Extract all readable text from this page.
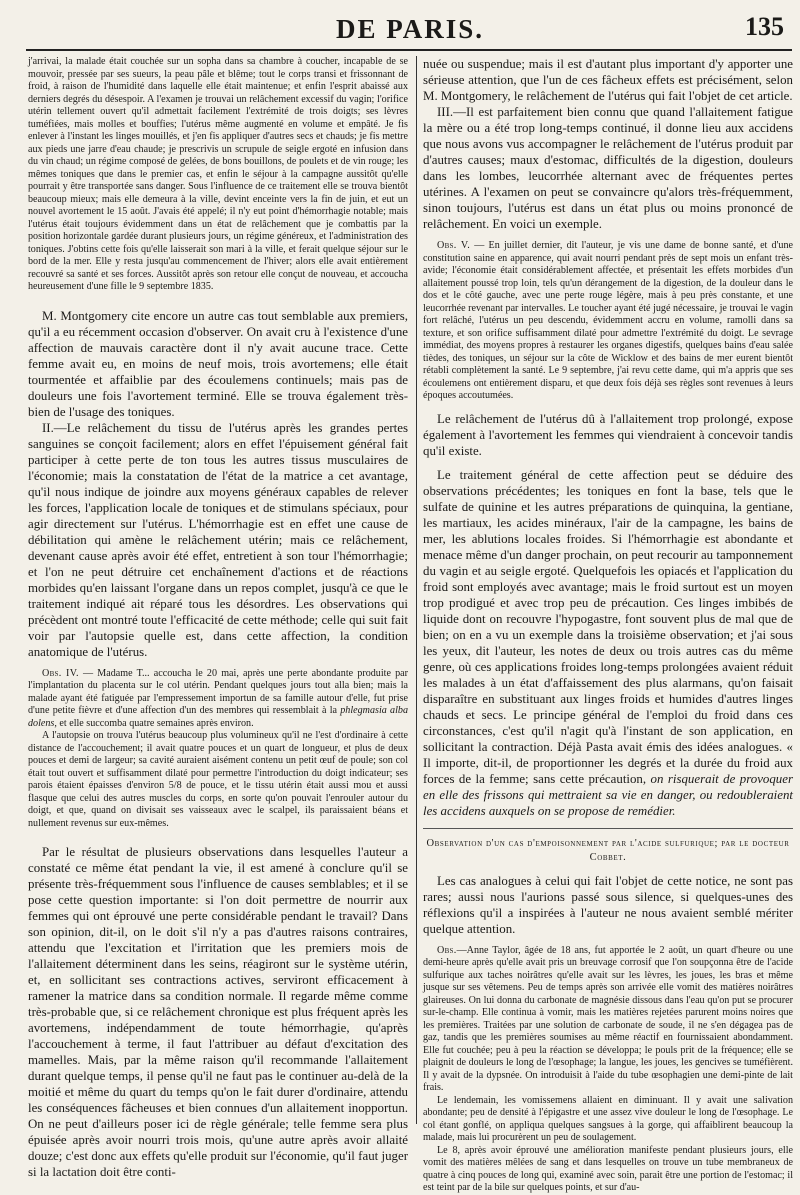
DE PARIS.	135

j'arrivai, la malade était couchée sur un sopha dans sa chambre à coucher, incapable de se mouvoir, pressée par ses sueurs, la peau pâle et blême; tout le corps transi et frissonnant de froid, à raison de l'humidité dans laquelle elle était maintenue; et enfin l'esprit abaissé aux derniers degrés du désespoir. A l'examen je trouvai un relâchement excessif du vagin; l'orifice utérin tellement ouvert qu'il admettait facilement l'extrémité de trois doigts; ses lèvres tuméfiées, mais molles et bouffies; l'utérus même augmenté en volume et empâté. Je fis enlever à l'instant les linges mouillés, et j'en fis appliquer d'autres secs et chauds; je fis mettre aux pieds une jarre d'eau chaude; je prescrivis un scrupule de seigle ergoté en infusion dans du vin chaud; un régime composé de gelées, de bons bouillons, de poulets et de vin rouge; les mêmes toniques que dans le premier cas, et enfin le séjour à la campagne aussitôt qu'elle pourrait y être transportée sans danger. Sous l'influence de ce traitement elle se trouva bientôt beaucoup mieux; mais elle demeura à la ville, devint enceinte vers la fin de juin, et eut un nouvel avortement le 15 août. J'avais été appelé; il n'y eut point d'hémorrhagie notable; mais l'utérus était toujours évidemment dans un état de relâchement que je combattis par la position horizontale gardée durant plusieurs jours, un régime généreux, et l'administration des toniques. J'obtins cette fois qu'elle laisserait son mari à la ville, et ferait quelque séjour sur le bord de la mer. Elle y resta jusqu'au commencement de l'hiver; alors elle avait entièrement recouvré sa santé et ses forces. Aussitôt après son retour elle conçut de nouveau, et accoucha heureusement d'une fille le 9 septembre 1835.

M. Montgomery cite encore un autre cas tout semblable aux premiers, qu'il a eu récemment occasion d'observer. On avait cru à l'existence d'une affection de mauvais caractère dont il n'y avait aucune trace. Cette femme avait eu, en moins de neuf mois, trois avortemens; elle était tourmentée et affaiblie par des écoulemens continuels; mais pas de douleurs une fois l'avortement terminé. Elle se trouva également très-bien de l'usage des toniques.

II.—Le relâchement du tissu de l'utérus après les grandes pertes sanguines se conçoit facilement; alors en effet l'épuisement général fait participer à cette perte de ton tous les autres tissus musculaires de l'économie; mais la constatation de l'état de la matrice a cet avantage, qu'il nous indique de joindre aux moyens généraux capables de relever les forces, l'application locale de toniques et de stimulans spéciaux, pour agir directement sur l'utérus. L'hémorrhagie est en effet une cause de débilitation qui amène le relâchement utérin; mais ce relâchement, devenant cause après avoir été effet, entretient à son tour l'hémorrhagie; et l'on ne peut détruire cet enchaînement d'actions et de réactions morbides qu'en laissant l'organe dans un repos complet, jusqu'à ce que le traitement indiqué ait réparé tous les désordres. Les observations qui précèdent ont montré toute l'efficacité de cette méthode; celle qui suit fait voir par l'autopsie quelle est, dans cette affection, la condition anatomique de l'utérus.

Obs. IV. — Madame T... accoucha le 20 mai, après une perte abondante produite par l'implantation du placenta sur le col utérin. Pendant quelques jours tout alla bien; mais la malade ayant été fatiguée par l'empressement importun de sa famille autour d'elle, fut prise d'une petite fièvre et d'une affection d'un des membres qui ressemblait à la phlegmasia alba dolens, et elle succomba quatre semaines après environ.

A l'autopsie on trouva l'utérus beaucoup plus volumineux qu'il ne l'est d'ordinaire à cette distance de l'accouchement; il avait quatre pouces et un quart de longueur, et plus de deux pouces et demi de largeur; sa cavité auraient aisément contenu un petit œuf de poule; son col était tout ouvert et suffisamment dilaté pour permettre l'introduction du doigt indicateur; ses parois étaient épaisses d'environ 5/8 de pouce, et le tissu utérin était aussi mou et aussi flasque que celui des autres muscles du corps, en sorte qu'on pouvait l'enrouler autour du doigt, et que, quand on divisait ses vaisseaux avec le scalpel, ils paraissaient béans et nullement revenus sur eux-mêmes.

Par le résultat de plusieurs observations dans lesquelles l'auteur a constaté ce même état pendant la vie, il est amené à conclure qu'il se présente très-fréquemment sous l'influence de causes semblables; et il se pose cette question importante: si l'on doit permettre de nourrir aux femmes qui ont éprouvé une perte considérable pendant le travail? Dans son opinion, dit-il, on le doit s'il n'y a pas d'autres raisons contraires, attendu que l'excitation et l'irritation que les premiers mois de l'allaitement déterminent dans les seins, réagiront sur le système utérin, et, en sollicitant ses contractions actives, serviront efficacement à ramener la matrice dans sa condition normale. Il regarde même comme très-probable que, si ce relâchement chronique est plus fréquent après les avortemens, indépendamment de toute hémorrhagie, qu'après l'accouchement à terme, il faut l'attribuer au défaut d'excitation des mamelles. Mais, par la même raison qu'il recommande l'allaitement durant quelque temps, il pense qu'il ne faut pas le continuer au-delà de la moitié et même du quart du temps qu'on le fait durer d'ordinaire, attendu les conséquences fâcheuses et bien connues d'un allaitement inopportun. On ne peut d'ailleurs poser ici de règle générale; telle femme sera plus épuisée après avoir nourri trois mois, qu'une autre après avoir allaité douze; c'est donc aux effets qu'elle produit sur l'économie, qu'il faut juger si la lactation doit être conti-

nuée ou suspendue; mais il est d'autant plus important d'y apporter une sérieuse attention, que l'un de ces fâcheux effets est précisément, selon M. Montgomery, le relâchement de l'utérus qui fait l'objet de cet article.

III.—Il est parfaitement bien connu que quand l'allaitement fatigue la mère ou a été trop long-temps continué, il donne lieu aux accidens que nous avons vus accompagner le relâchement de l'utérus produit par d'autres causes; maux d'estomac, difficultés de la digestion, douleurs dans les lombes, leucorrhée alternant avec de fréquentes pertes utérines. A l'examen on peut se convaincre qu'alors très-fréquemment, sinon toujours, l'utérus est dans un état plus ou moins prononcé de relâchement. En voici un exemple.

Obs. V. — En juillet dernier, dit l'auteur, je vis une dame de bonne santé, et d'une constitution saine en apparence, qui avait nourri pendant près de sept mois un enfant très-avide; l'économie était considérablement affectée, et présentait les effets morbides d'un allaitement poussé trop loin, tels qu'un dérangement de la digestion, de la douleur dans le dos et le côté gauche, avec une perte rouge légère, mais à peu près constante, et une leucorrhée revenant par intervalles. Le toucher ayant été jugé nécessaire, je trouvai le vagin fort relâché, l'utérus un peu descendu, évidemment accru en volume, ramolli dans sa texture, et son orifice suffisamment dilaté pour admettre l'extrémité du doigt. Le sevrage immédiat, des moyens propres à restaurer les organes digestifs, quelques bains d'eau salée tièdes, des toniques, un séjour sur la côte de Wicklow et des bains de mer eurent bientôt rétabli complètement la santé. Le 9 septembre, j'ai revu cette dame, qui m'a appris que ses écoulemens ont entièrement disparu, et que deux fois déjà ses règles sont revenues à leurs époques accoutumées.

Le relâchement de l'utérus dû à l'allaitement trop prolongé, expose également à l'avortement les femmes qui viendraient à concevoir tandis qu'il existe.

Le traitement général de cette affection peut se déduire des observations précédentes; les toniques en font la base, tels que le sulfate de quinine et les autres préparations de quinquina, la gentiane, les martiaux, les acides minéraux, l'air de la campagne, les bains de mer, les ablutions locales froides. Si l'hémorrhagie est abondante et menace même d'un danger prochain, on peut recourir au tamponnement du vagin et au seigle ergoté. Quelquefois les opiacés et l'application du froid sont employés avec avantage; mais le froid surtout est un moyen trop prodigué et avec trop peu de précaution. Ces linges imbibés de liquide dont on recouvre l'hypogastre, font souvent plus de mal que de bien; on en a vu un exemple dans la troisième observation; et j'ai sous les yeux, dit l'auteur, les notes de deux ou trois autres cas du même genre, où ces applications froides long-temps prolongées avaient réduit les malades à un état d'affaissement des plus alarmans, qu'on faisait disparaître en substituant aux linges froids et humides d'autres linges chauds et secs. Le principe général de l'emploi du froid dans ces circonstances, c'est qu'il n'agit qu'à l'instant de son application, en sollicitant la contraction. Déjà Pasta avait émis des idées analogues. « Il importe, dit-il, de proportionner les degrés et la durée du froid aux forces de la femme; sans cette précaution, on risquerait de provoquer en elle des frissons qui mettraient sa vie en danger, ou redoubleraient les accidens auxquels on se propose de remédier.

Observation d'un cas d'empoisonnement par l'acide sulfurique; par le docteur Cobbet.

Les cas analogues à celui qui fait l'objet de cette notice, ne sont pas rares; aussi nous l'aurions passé sous silence, si quelques-unes des réflexions qu'il a inspirées à l'auteur ne nous avaient semblé mériter quelque attention.

Obs.—Anne Taylor, âgée de 18 ans, fut apportée le 2 août, un quart d'heure ou une demi-heure après qu'elle avait pris un breuvage corrosif que l'on soupçonna être de l'acide sulfurique aux taches noirâtres qu'elle avait sur les lèvres, les joues, les bras et même jusque sur ses vêtemens. Peu de temps après son arrivée elle vomit des matières noirâtres glaireuses. On lui donna du carbonate de magnésie dissous dans l'eau qu'on put se procurer sur-le-champ. Elle continua à vomir, mais les matières rejetées parurent moins noires que les premières. Traitées par une solution de carbonate de soude, il ne s'en dégagea pas de gaz, tandis que les premières soumises au même réactif en fournissaient abondamment. Elle fut couchée; peu à peu la réaction se développa; le pouls prit de la fréquence; elle se plaignit de douleurs le long de l'œsophage; la langue, les joues, les gencives se tuméfièrent. Il y avait de la dypsnée. On introduisit à l'aide du tube œsophagien une demi-pinte de lait frais.

Le lendemain, les vomissemens allaient en diminuant. Il y avait une salivation abondante; peu de densité à l'épigastre et une assez vive douleur le long de l'œsophage. Le col étant gonflé, on appliqua quelques sangsues à la gorge, qui affaiblirent beaucoup la malade, mais lui procurèrent un peu de soulagement.

Le 8, après avoir éprouvé une amélioration manifeste pendant plusieurs jours, elle vomit des matières mêlées de sang et dans lesquelles on trouve un tube membraneux de quatre à cinq pouces de long qui, examiné avec soin, parait être une portion de l'estomac; il est teint par de la bile sur quelques points, et sur d'au-
